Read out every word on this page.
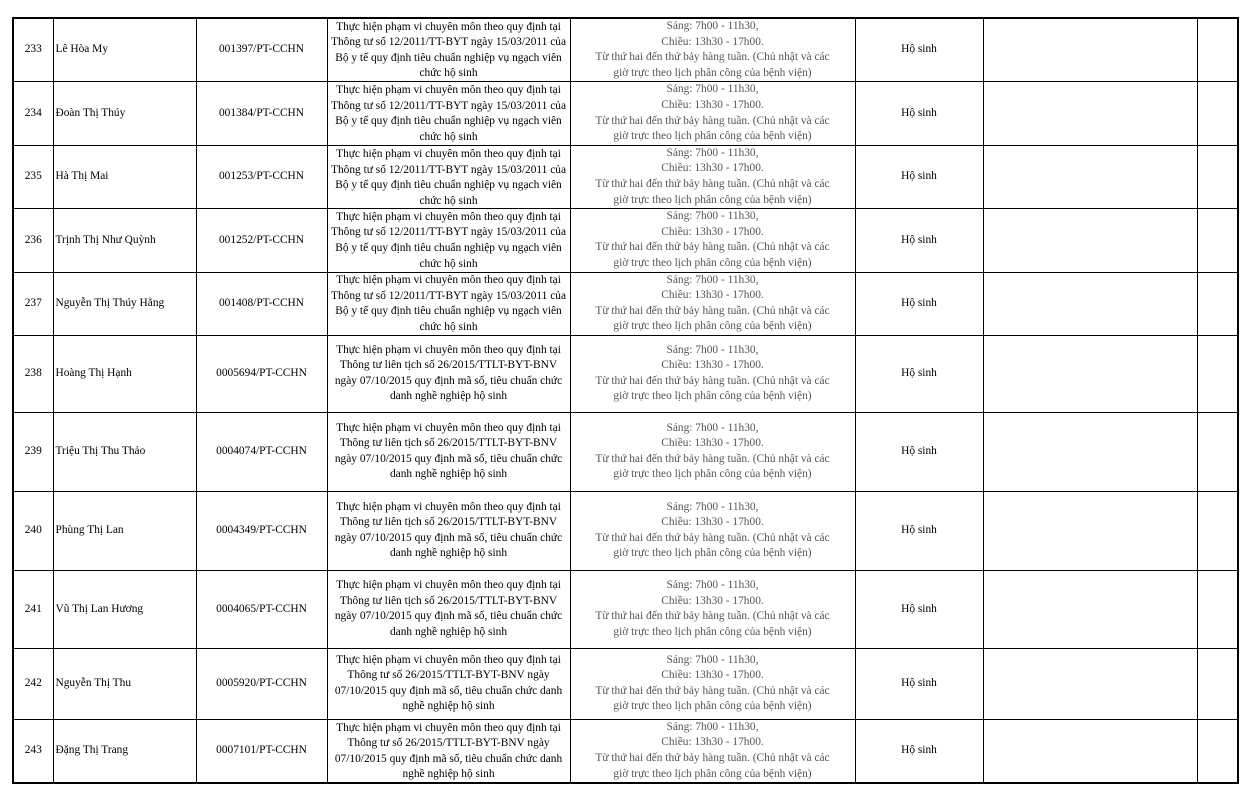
233	Lê Hòa My	001397/PT-CCHN	Thực hiện phạm vi chuyên môn theo quy định tại Thông tư số 12/2011/TT-BYT ngày 15/03/2011 của Bộ y tế quy định tiêu chuẩn nghiệp vụ ngạch viên chức hộ sinh	Sáng: 7h00 - 11h30,
Chiều: 13h30 - 17h00.
Từ thứ hai đến thứ bảy hàng tuần. (Chủ nhật và các
giờ trực theo lịch phân công của bệnh viện)	Hộ sinh		
234	Đoàn Thị Thúy	001384/PT-CCHN	Thực hiện phạm vi chuyên môn theo quy định tại Thông tư số 12/2011/TT-BYT ngày 15/03/2011 của Bộ y tế quy định tiêu chuẩn nghiệp vụ ngạch viên chức hộ sinh	Sáng: 7h00 - 11h30,
Chiều: 13h30 - 17h00.
Từ thứ hai đến thứ bảy hàng tuần. (Chủ nhật và các
giờ trực theo lịch phân công của bệnh viện)	Hộ sinh		
235	Hà Thị Mai	001253/PT-CCHN	Thực hiện phạm vi chuyên môn theo quy định tại Thông tư số 12/2011/TT-BYT ngày 15/03/2011 của Bộ y tế quy định tiêu chuẩn nghiệp vụ ngạch viên chức hộ sinh	Sáng: 7h00 - 11h30,
Chiều: 13h30 - 17h00.
Từ thứ hai đến thứ bảy hàng tuần. (Chủ nhật và các
giờ trực theo lịch phân công của bệnh viện)	Hộ sinh		
236	Trịnh Thị Như Quỳnh	001252/PT-CCHN	Thực hiện phạm vi chuyên môn theo quy định tại Thông tư số 12/2011/TT-BYT ngày 15/03/2011 của Bộ y tế quy định tiêu chuẩn nghiệp vụ ngạch viên chức hộ sinh	Sáng: 7h00 - 11h30,
Chiều: 13h30 - 17h00.
Từ thứ hai đến thứ bảy hàng tuần. (Chủ nhật và các
giờ trực theo lịch phân công của bệnh viện)	Hộ sinh		
237	Nguyễn Thị Thúy Hằng	001408/PT-CCHN	Thực hiện phạm vi chuyên môn theo quy định tại Thông tư số 12/2011/TT-BYT ngày 15/03/2011 của Bộ y tế quy định tiêu chuẩn nghiệp vụ ngạch viên chức hộ sinh	Sáng: 7h00 - 11h30,
Chiều: 13h30 - 17h00.
Từ thứ hai đến thứ bảy hàng tuần. (Chủ nhật và các
giờ trực theo lịch phân công của bệnh viện)	Hộ sinh		
238	Hoàng Thị Hạnh	0005694/PT-CCHN	Thực hiện phạm vi chuyên môn theo quy định tại Thông tư liên tịch số 26/2015/TTLT-BYT-BNV ngày 07/10/2015 quy định mã số, tiêu chuẩn chức danh nghề nghiệp hộ sinh	Sáng: 7h00 - 11h30,
Chiều: 13h30 - 17h00.
Từ thứ hai đến thứ bảy hàng tuần. (Chủ nhật và các
giờ trực theo lịch phân công của bệnh viện)	Hộ sinh		
239	Triệu Thị Thu Thảo	0004074/PT-CCHN	Thực hiện phạm vi chuyên môn theo quy định tại Thông tư liên tịch số 26/2015/TTLT-BYT-BNV ngày 07/10/2015 quy định mã số, tiêu chuẩn chức danh nghề nghiệp hộ sinh	Sáng: 7h00 - 11h30,
Chiều: 13h30 - 17h00.
Từ thứ hai đến thứ bảy hàng tuần. (Chủ nhật và các
giờ trực theo lịch phân công của bệnh viện)	Hộ sinh		
240	Phùng Thị Lan	0004349/PT-CCHN	Thực hiện phạm vi chuyên môn theo quy định tại Thông tư liên tịch số 26/2015/TTLT-BYT-BNV ngày 07/10/2015 quy định mã số, tiêu chuẩn chức danh nghề nghiệp hộ sinh	Sáng: 7h00 - 11h30,
Chiều: 13h30 - 17h00.
Từ thứ hai đến thứ bảy hàng tuần. (Chủ nhật và các
giờ trực theo lịch phân công của bệnh viện)	Hộ sinh		
241	Vũ Thị Lan Hương	0004065/PT-CCHN	Thực hiện phạm vi chuyên môn theo quy định tại Thông tư liên tịch số 26/2015/TTLT-BYT-BNV ngày 07/10/2015 quy định mã số, tiêu chuẩn chức danh nghề nghiệp hộ sinh	Sáng: 7h00 - 11h30,
Chiều: 13h30 - 17h00.
Từ thứ hai đến thứ bảy hàng tuần. (Chủ nhật và các
giờ trực theo lịch phân công của bệnh viện)	Hộ sinh		
242	Nguyễn Thị Thu	0005920/PT-CCHN	Thực hiện phạm vi chuyên môn theo quy định tại Thông tư số 26/2015/TTLT-BYT-BNV ngày 07/10/2015 quy định mã số, tiêu chuẩn chức danh nghề nghiệp hộ sinh	Sáng: 7h00 - 11h30,
Chiều: 13h30 - 17h00.
Từ thứ hai đến thứ bảy hàng tuần. (Chủ nhật và các
giờ trực theo lịch phân công của bệnh viện)	Hộ sinh		
243	Đặng Thị Trang	0007101/PT-CCHN	Thực hiện phạm vi chuyên môn theo quy định tại Thông tư số 26/2015/TTLT-BYT-BNV ngày 07/10/2015 quy định mã số, tiêu chuẩn chức danh nghề nghiệp hộ sinh	Sáng: 7h00 - 11h30,
Chiều: 13h30 - 17h00.
Từ thứ hai đến thứ bảy hàng tuần. (Chủ nhật và các
giờ trực theo lịch phân công của bệnh viện)	Hộ sinh		
